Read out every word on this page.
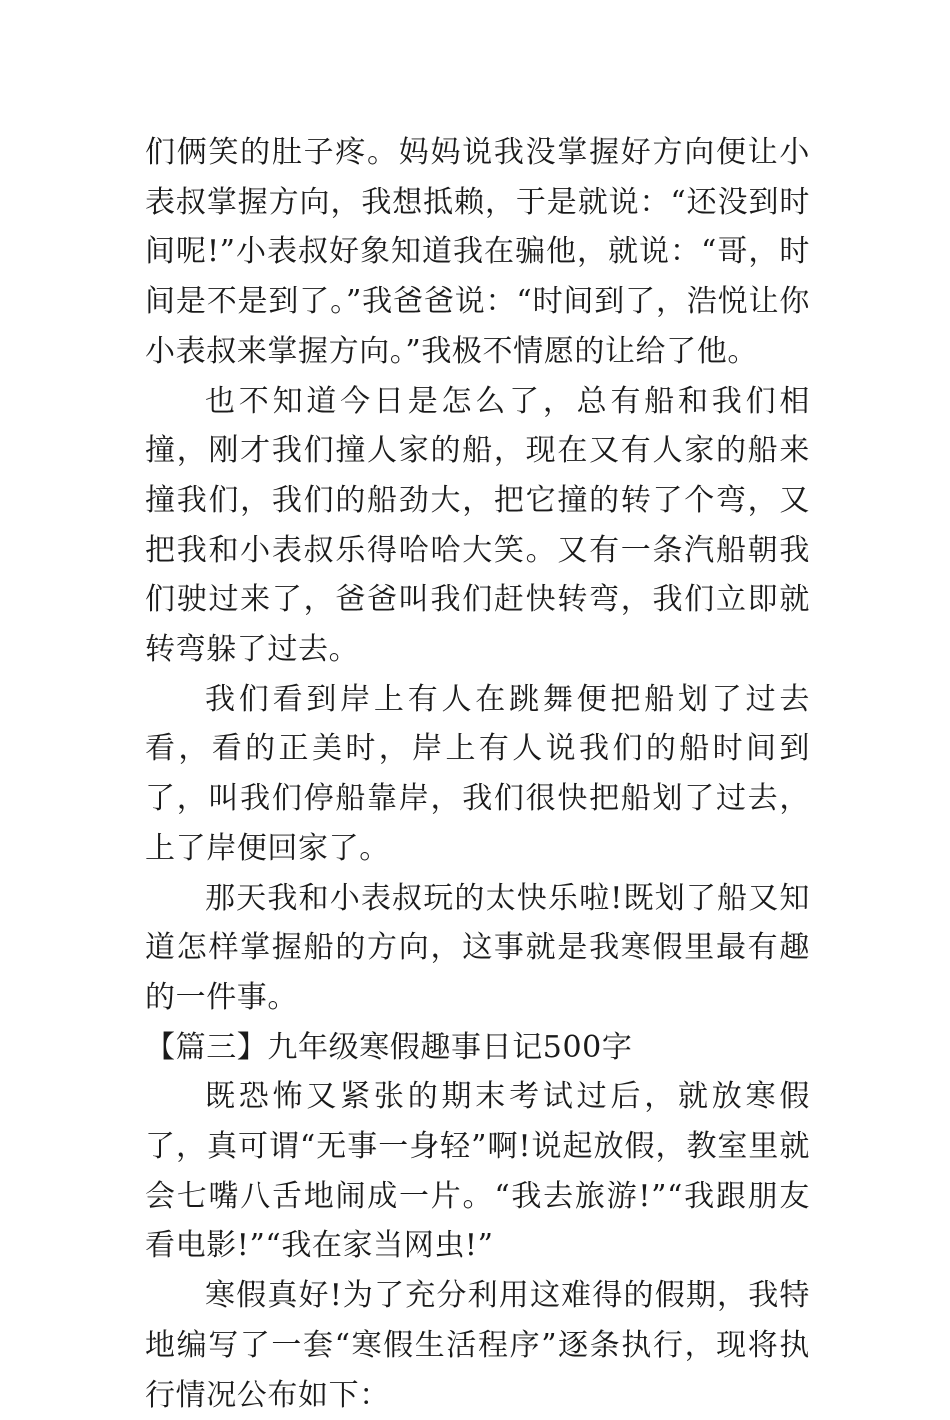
们俩笑的肚子疼。妈妈说我没掌握好方向便让小表叔掌握方向，我想抵赖，于是就说：“还没到时间呢!”小表叔好象知道我在骗他，就说：“哥，时间是不是到了。”我爸爸说：“时间到了，浩悦让你小表叔来掌握方向。”我极不情愿的让给了他。

也不知道今日是怎么了，总有船和我们相撞，刚才我们撞人家的船，现在又有人家的船来撞我们，我们的船劲大，把它撞的转了个弯，又把我和小表叔乐得哈哈大笑。又有一条汽船朝我们驶过来了，爸爸叫我们赶快转弯，我们立即就转弯躲了过去。

我们看到岸上有人在跳舞便把船划了过去看，看的正美时，岸上有人说我们的船时间到了，叫我们停船靠岸，我们很快把船划了过去，上了岸便回家了。

那天我和小表叔玩的太快乐啦!既划了船又知道怎样掌握船的方向，这事就是我寒假里最有趣的一件事。

【篇三】九年级寒假趣事日记500字

既恐怖又紧张的期末考试过后，就放寒假了，真可谓“无事一身轻”啊!说起放假，教室里就会七嘴八舌地闹成一片。“我去旅游!”“我跟朋友看电影!”“我在家当网虫!”

寒假真好!为了充分利用这难得的假期，我特地编写了一套“寒假生活程序”逐条执行，现将执行情况公布如下：
